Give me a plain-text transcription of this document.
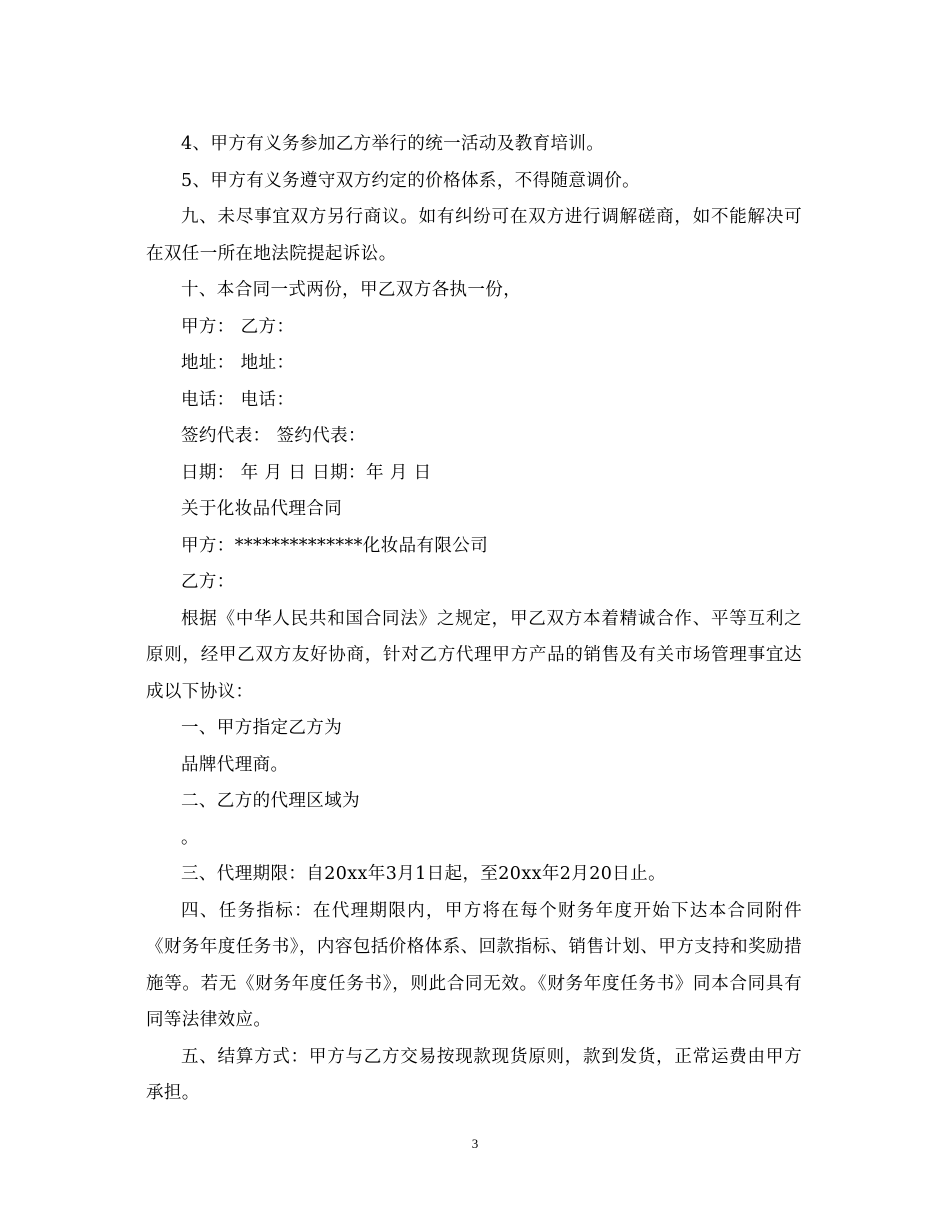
4、甲方有义务参加乙方举行的统一活动及教育培训。

5、甲方有义务遵守双方约定的价格体系，不得随意调价。

九、未尽事宜双方另行商议。如有纠纷可在双方进行调解磋商，如不能解决可在双任一所在地法院提起诉讼。

十、本合同一式两份，甲乙双方各执一份，

甲方： 乙方：

地址： 地址：

电话： 电话：

签约代表： 签约代表：

日期： 年 月 日 日期：年 月 日

关于化妆品代理合同

甲方：**************化妆品有限公司

乙方：

根据《中华人民共和国合同法》之规定，甲乙双方本着精诚合作、平等互利之原则，经甲乙双方友好协商，针对乙方代理甲方产品的销售及有关市场管理事宜达成以下协议：

一、甲方指定乙方为

品牌代理商。

二、乙方的代理区域为

。

三、代理期限：自20xx年3月1日起，至20xx年2月20日止。

四、任务指标：在代理期限内，甲方将在每个财务年度开始下达本合同附件《财务年度任务书》，内容包括价格体系、回款指标、销售计划、甲方支持和奖励措施等。若无《财务年度任务书》，则此合同无效。《财务年度任务书》同本合同具有同等法律效应。

五、结算方式：甲方与乙方交易按现款现货原则，款到发货，正常运费由甲方承担。

3
